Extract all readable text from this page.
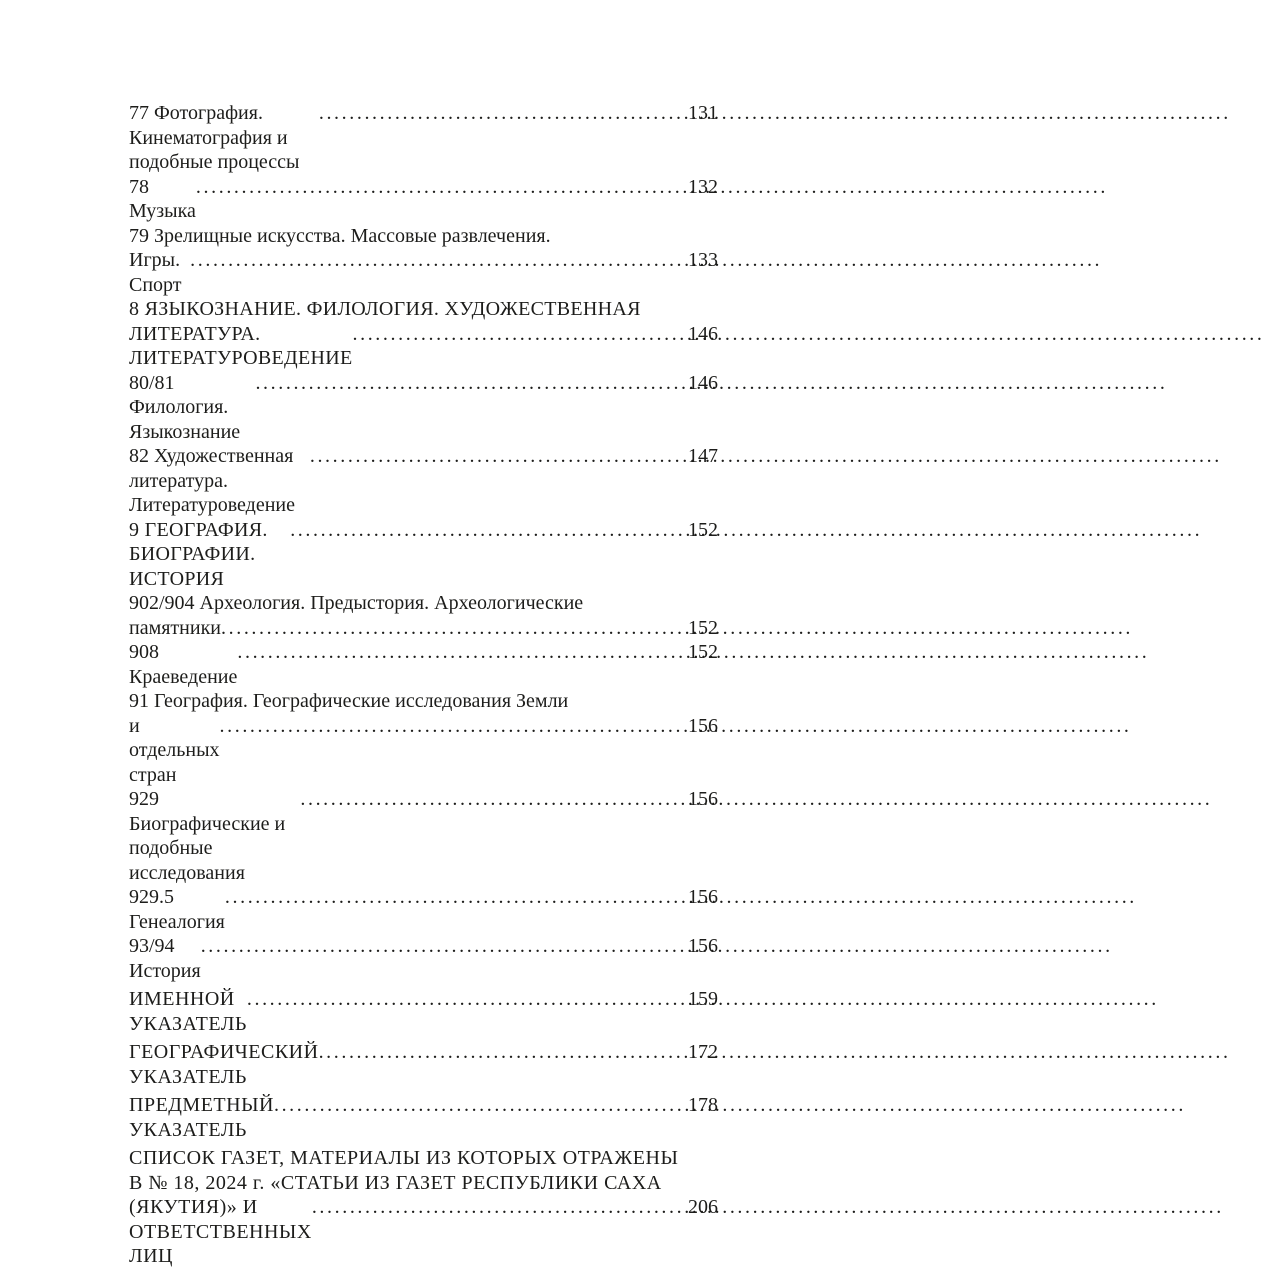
77 Фотография. Кинематография и подобные процессы
.....
131
78 Музыка
.....
132
79 Зрелищные искусства. Массовые развлечения.
Игры. Спорт
.....
133
8 ЯЗЫКОЗНАНИЕ. ФИЛОЛОГИЯ. ХУДОЖЕСТВЕННАЯ
ЛИТЕРАТУРА. ЛИТЕРАТУРОВЕДЕНИЕ
.....
146
80/81 Филология. Языкознание
.....
146
82 Художественная литература. Литературоведение
.....
147
9 ГЕОГРАФИЯ. БИОГРАФИИ. ИСТОРИЯ
.....
152
902/904 Археология. Предыстория. Археологические
памятники .....	152
908 Краеведение
.....
152
91 География. Географические исследования Земли
и отдельных стран
.....
156
929 Биографические и подобные исследования
.....
156
929.5 Генеалогия
.....
156
93/94 История
.....
156
ИМЕННОЙ УКАЗАТЕЛЬ
.....
159
ГЕОГРАФИЧЕСКИЙ УКАЗАТЕЛЬ
.....
172
ПРЕДМЕТНЫЙ УКАЗАТЕЛЬ
.....
178
СПИСОК ГАЗЕТ, МАТЕРИАЛЫ ИЗ КОТОРЫХ ОТРАЖЕНЫ
В № 18, 2024 г. «СТАТЬИ ИЗ ГАЗЕТ РЕСПУБЛИКИ САХА
(ЯКУТИЯ)» И ОТВЕТСТВЕННЫХ ЛИЦ
.....
206
